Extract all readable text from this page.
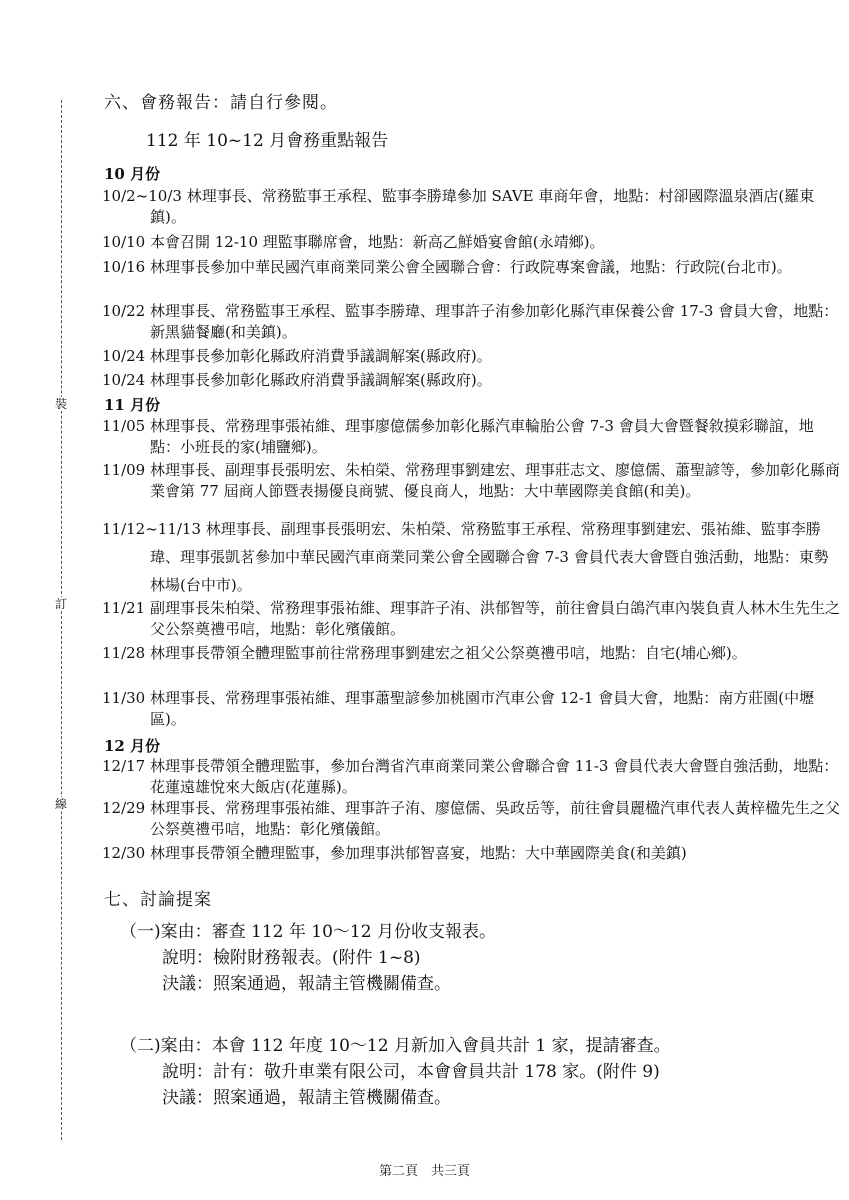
裝
訂
線
六、會務報告：請自行參閱。
112 年 10~12 月會務重點報告
10 月份
10/2~10/3 林理事長、常務監事王承程、監事李勝瑋參加 SAVE 車商年會，地點：村卻國際溫泉酒店(羅東鎮)。
10/10 本會召開 12-10 理監事聯席會，地點：新高乙鮮婚宴會館(永靖鄉)。
10/16 林理事長參加中華民國汽車商業同業公會全國聯合會：行政院專案會議，地點：行政院(台北市)。
10/22 林理事長、常務監事王承程、監事李勝瑋、理事許子洧參加彰化縣汽車保養公會 17-3 會員大會，地點：新黑貓餐廳(和美鎮)。
10/24 林理事長參加彰化縣政府消費爭議調解案(縣政府)。
10/24 林理事長參加彰化縣政府消費爭議調解案(縣政府)。
11 月份
11/05 林理事長、常務理事張祐維、理事廖億儒參加彰化縣汽車輪胎公會 7-3 會員大會暨餐敘摸彩聯誼，地點：小班長的家(埔鹽鄉)。
11/09 林理事長、副理事長張明宏、朱柏榮、常務理事劉建宏、理事莊志文、廖億儒、蕭聖諺等，參加彰化縣商業會第 77 屆商人節暨表揚優良商號、優良商人，地點：大中華國際美食館(和美)。
11/12~11/13 林理事長、副理事長張明宏、朱柏榮、常務監事王承程、常務理事劉建宏、張祐維、監事李勝瑋、理事張凱茗參加中華民國汽車商業同業公會全國聯合會 7-3 會員代表大會暨自強活動，地點：東勢林場(台中市)。
11/21 副理事長朱柏榮、常務理事張祐維、理事許子洧、洪郁智等，前往會員白鴿汽車內裝負責人林木生先生之父公祭奠禮弔唁，地點：彰化殯儀館。
11/28 林理事長帶領全體理監事前往常務理事劉建宏之祖父公祭奠禮弔唁，地點：自宅(埔心鄉)。
11/30 林理事長、常務理事張祐維、理事蕭聖諺參加桃園市汽車公會 12-1 會員大會，地點：南方莊園(中壢區)。
12 月份
12/17 林理事長帶領全體理監事，參加台灣省汽車商業同業公會聯合會 11-3 會員代表大會暨自強活動，地點：花蓮遠雄悅來大飯店(花蓮縣)。
12/29 林理事長、常務理事張祐維、理事許子洧、廖億儒、吳政岳等，前往會員麗楹汽車代表人黃梓楹先生之父公祭奠禮弔唁，地點：彰化殯儀館。
12/30 林理事長帶領全體理監事，參加理事洪郁智喜宴，地點：大中華國際美食(和美鎮)
七、討論提案
（一)案由：審查 112 年 10～12 月份收支報表。
說明：檢附財務報表。(附件 1~8)
決議：照案通過，報請主管機關備查。
（二)案由：本會 112 年度 10～12 月新加入會員共計 1 家，提請審查。
說明：計有：敬升車業有限公司，本會會員共計 178 家。(附件 9)
決議：照案通過，報請主管機關備查。
第二頁　共三頁
